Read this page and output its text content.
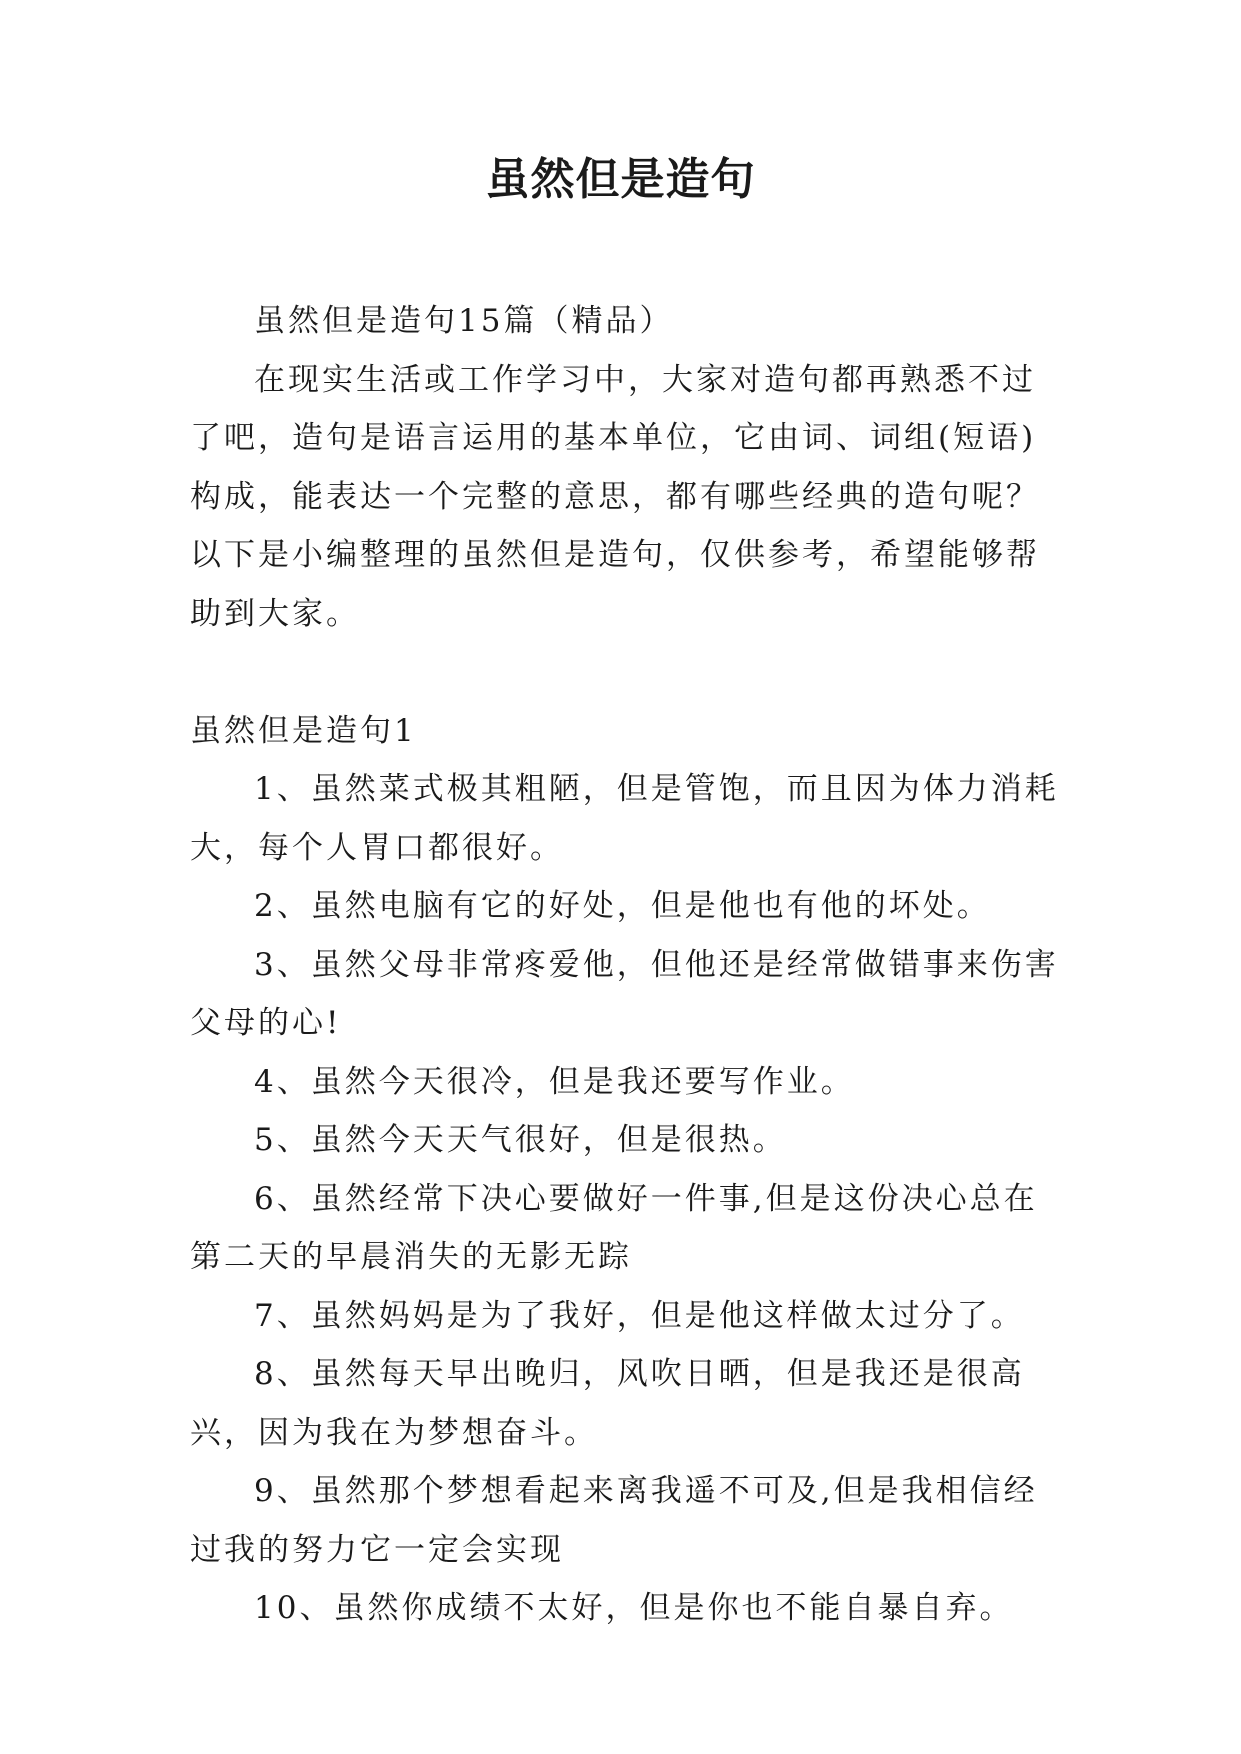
虽然但是造句

虽然但是造句15篇（精品）

在现实生活或工作学习中，大家对造句都再熟悉不过了吧，造句是语言运用的基本单位，它由词、词组(短语)构成，能表达一个完整的意思，都有哪些经典的造句呢？以下是小编整理的虽然但是造句，仅供参考，希望能够帮助到大家。

虽然但是造句1

1、虽然菜式极其粗陋，但是管饱，而且因为体力消耗大，每个人胃口都很好。

2、虽然电脑有它的好处，但是他也有他的坏处。

3、虽然父母非常疼爱他，但他还是经常做错事来伤害父母的心!

4、虽然今天很冷，但是我还要写作业。

5、虽然今天天气很好，但是很热。

6、虽然经常下决心要做好一件事,但是这份决心总在第二天的早晨消失的无影无踪

7、虽然妈妈是为了我好，但是他这样做太过分了。

8、虽然每天早出晚归，风吹日晒，但是我还是很高兴，因为我在为梦想奋斗。

9、虽然那个梦想看起来离我遥不可及,但是我相信经过我的努力它一定会实现

10、虽然你成绩不太好，但是你也不能自暴自弃。
